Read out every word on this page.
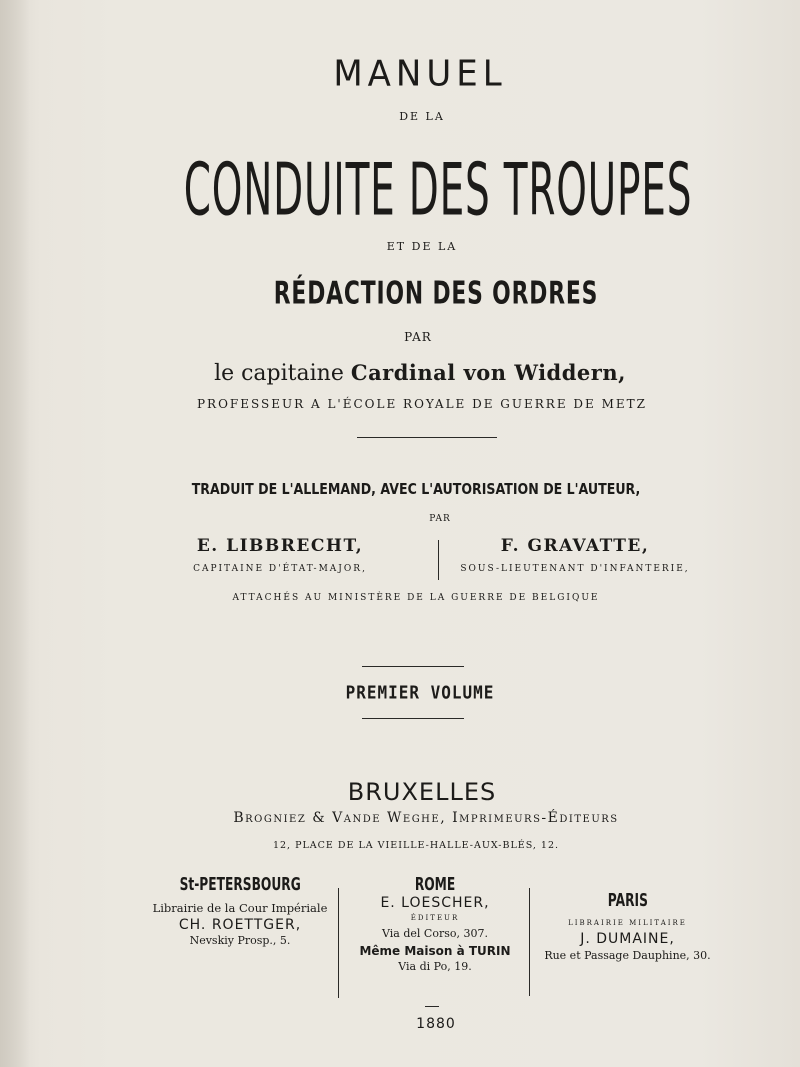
MANUEL
DE LA
CONDUITE DES TROUPES
ET DE LA
RÉDACTION DES ORDRES
PAR
le capitaine Cardinal von Widdern,
PROFESSEUR A L'ÉCOLE ROYALE DE GUERRE DE METZ
TRADUIT DE L'ALLEMAND, AVEC L'AUTORISATION DE L'AUTEUR,
PAR
E. LIBBRECHT,
CAPITAINE D'ÉTAT-MAJOR,
F. GRAVATTE,
SOUS-LIEUTENANT D'INFANTERIE,
ATTACHÉS AU MINISTÈRE DE LA GUERRE DE BELGIQUE
PREMIER VOLUME
BRUXELLES
Brogniez & Vande Weghe, Imprimeurs-Éditeurs
12, PLACE DE LA VIEILLE-HALLE-AUX-BLÉS, 12.
St-PETERSBOURG
Librairie de la Cour Impériale
CH. ROETTGER,
Nevskiy Prosp., 5.
ROME
E. LOESCHER,
ÉDITEUR
Via del Corso, 307.
Même Maison à TURIN
Via di Po, 19.
PARIS
LIBRAIRIE MILITAIRE
J. DUMAINE,
Rue et Passage Dauphine, 30.
1880
